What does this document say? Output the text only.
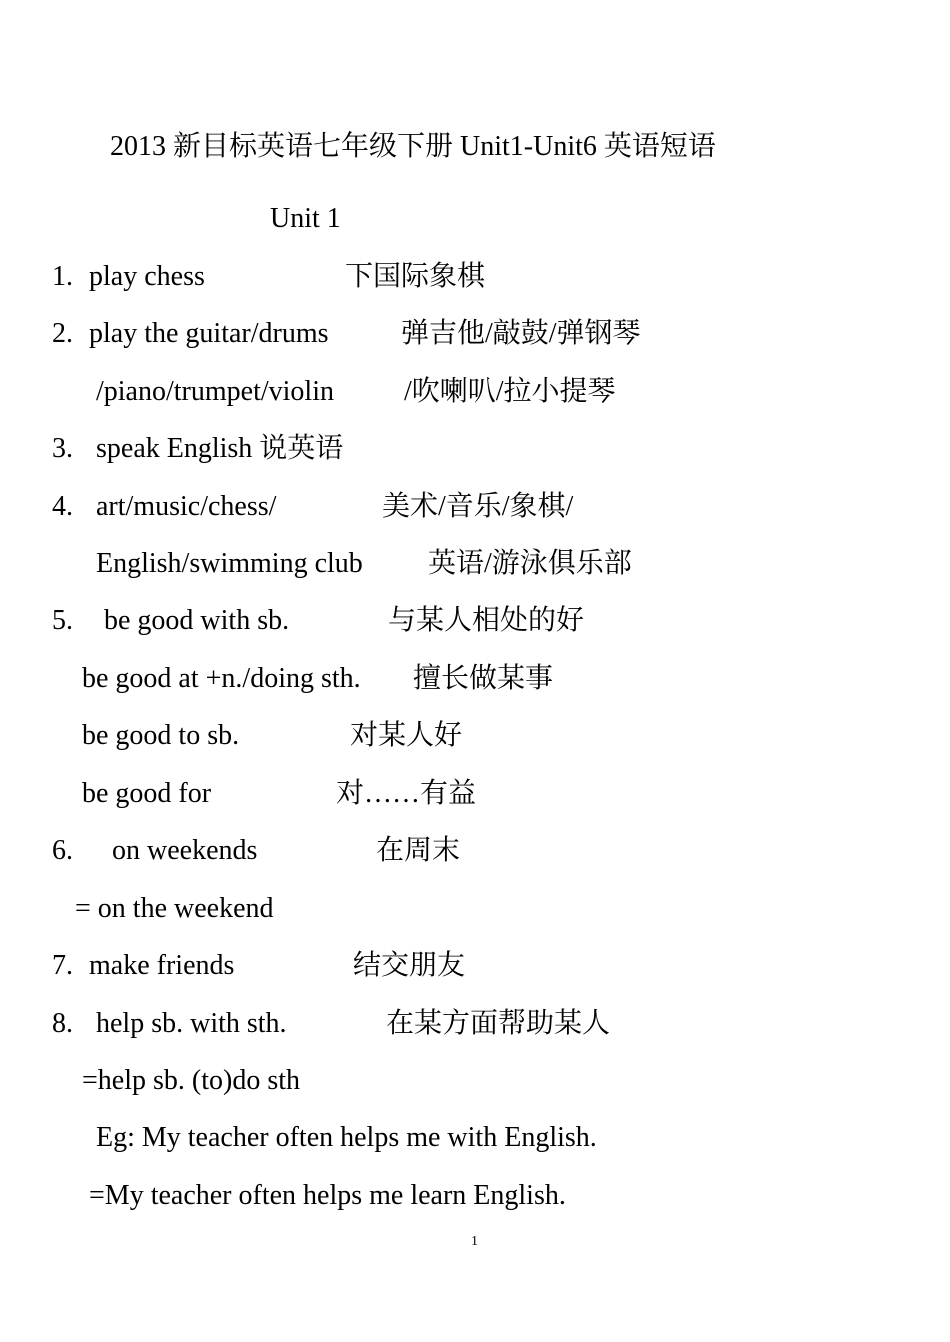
2013 新目标英语七年级下册 Unit1-Unit6 英语短语
Unit 1
1. play chess	下国际象棋
2. play the guitar/drums	弹吉他/敲鼓/弹钢琴
/piano/trumpet/violin	/吹喇叭/拉小提琴
3. speak English 说英语
4. art/music/chess/	美术/音乐/象棋/
English/swimming club 英语/游泳俱乐部
5. be good with sb.	与某人相处的好
be good at +n./doing sth. 擅长做某事
be good to sb.	对某人好
be good for	对……有益
6. on weekends	在周末
= on the weekend
7. make friends	结交朋友
8. help sb. with sth.	在某方面帮助某人
=help sb. (to)do sth
Eg: My teacher often helps me with English.
=My teacher often helps me learn English.
1
